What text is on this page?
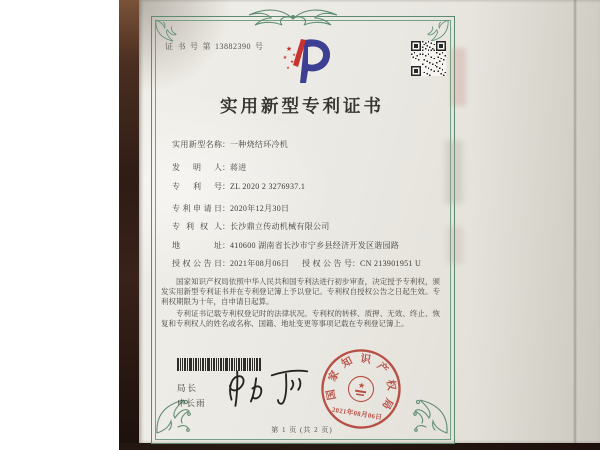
证 书 号 第 13882390 号	★
★
★
★
★
实用新型专利证书
实用新型名称：一种烧结环冷机
发明人：蒋进
专利号：ZL 2020 2 3276937.1
专利申请日：2020年12月30日
专利权人：长沙鼎立传动机械有限公司
地址：410600 湖南省长沙市宁乡县经济开发区谐园路
授权公告日：2021年08月06日 授权公告号：CN 213901951 U

国家知识产权局依照中华人民共和国专利法进行初步审查，决定授予专利权，颁发实用新型专利证书并在专利登记簿上予以登记。专利权自授权公告之日起生效。专利权期限为十年，自申请日起算。

专利证书记载专利权登记时的法律状况。专利权的转移、质押、无效、终止、恢复和专利权人的姓名或名称、国籍、地址变更等事项记载在专利登记簿上。

局长
申长雨
国
家
知 识
产
权
局
★
2021年08月06日
第 1 页 (共 2 页)
